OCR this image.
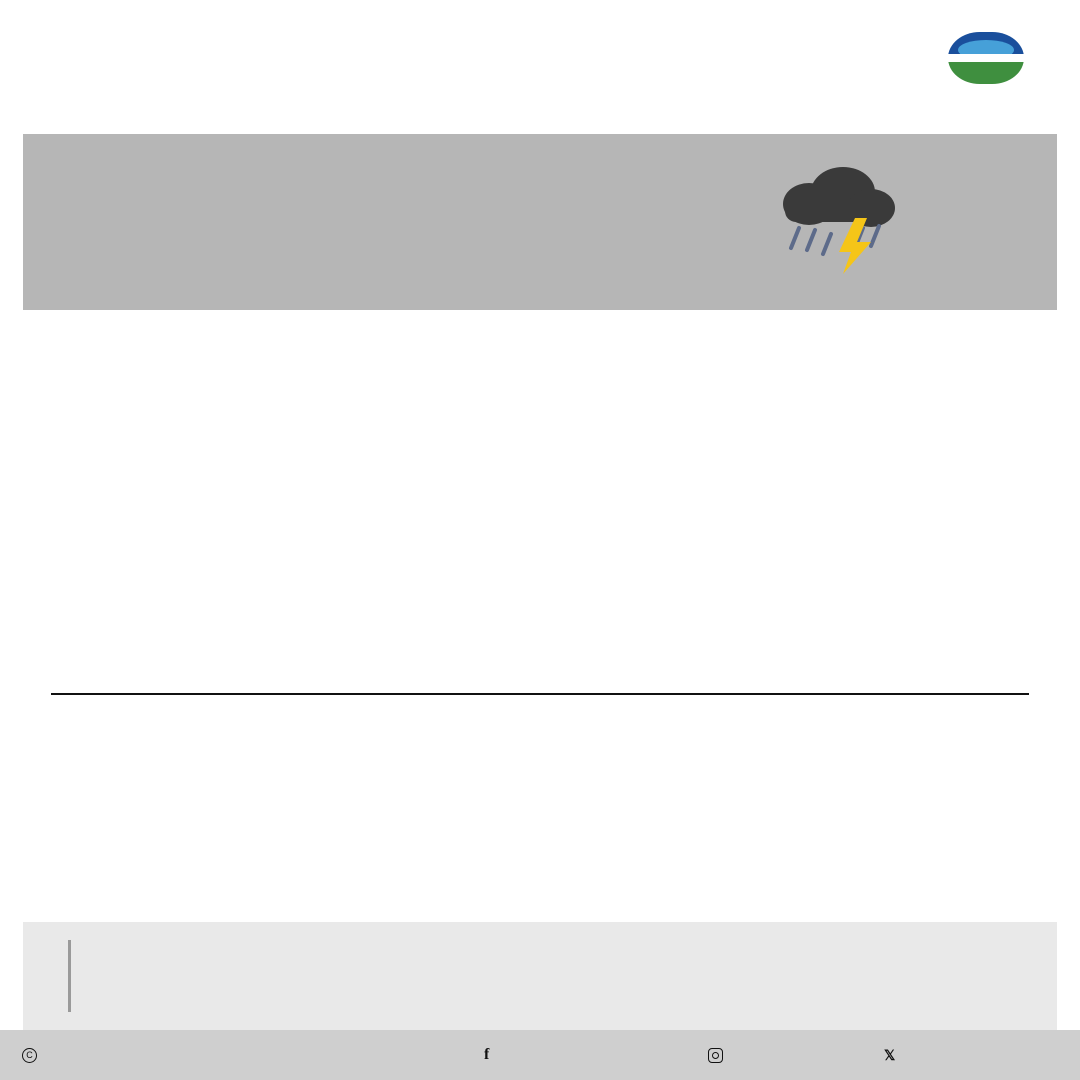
C	f	𝕏
